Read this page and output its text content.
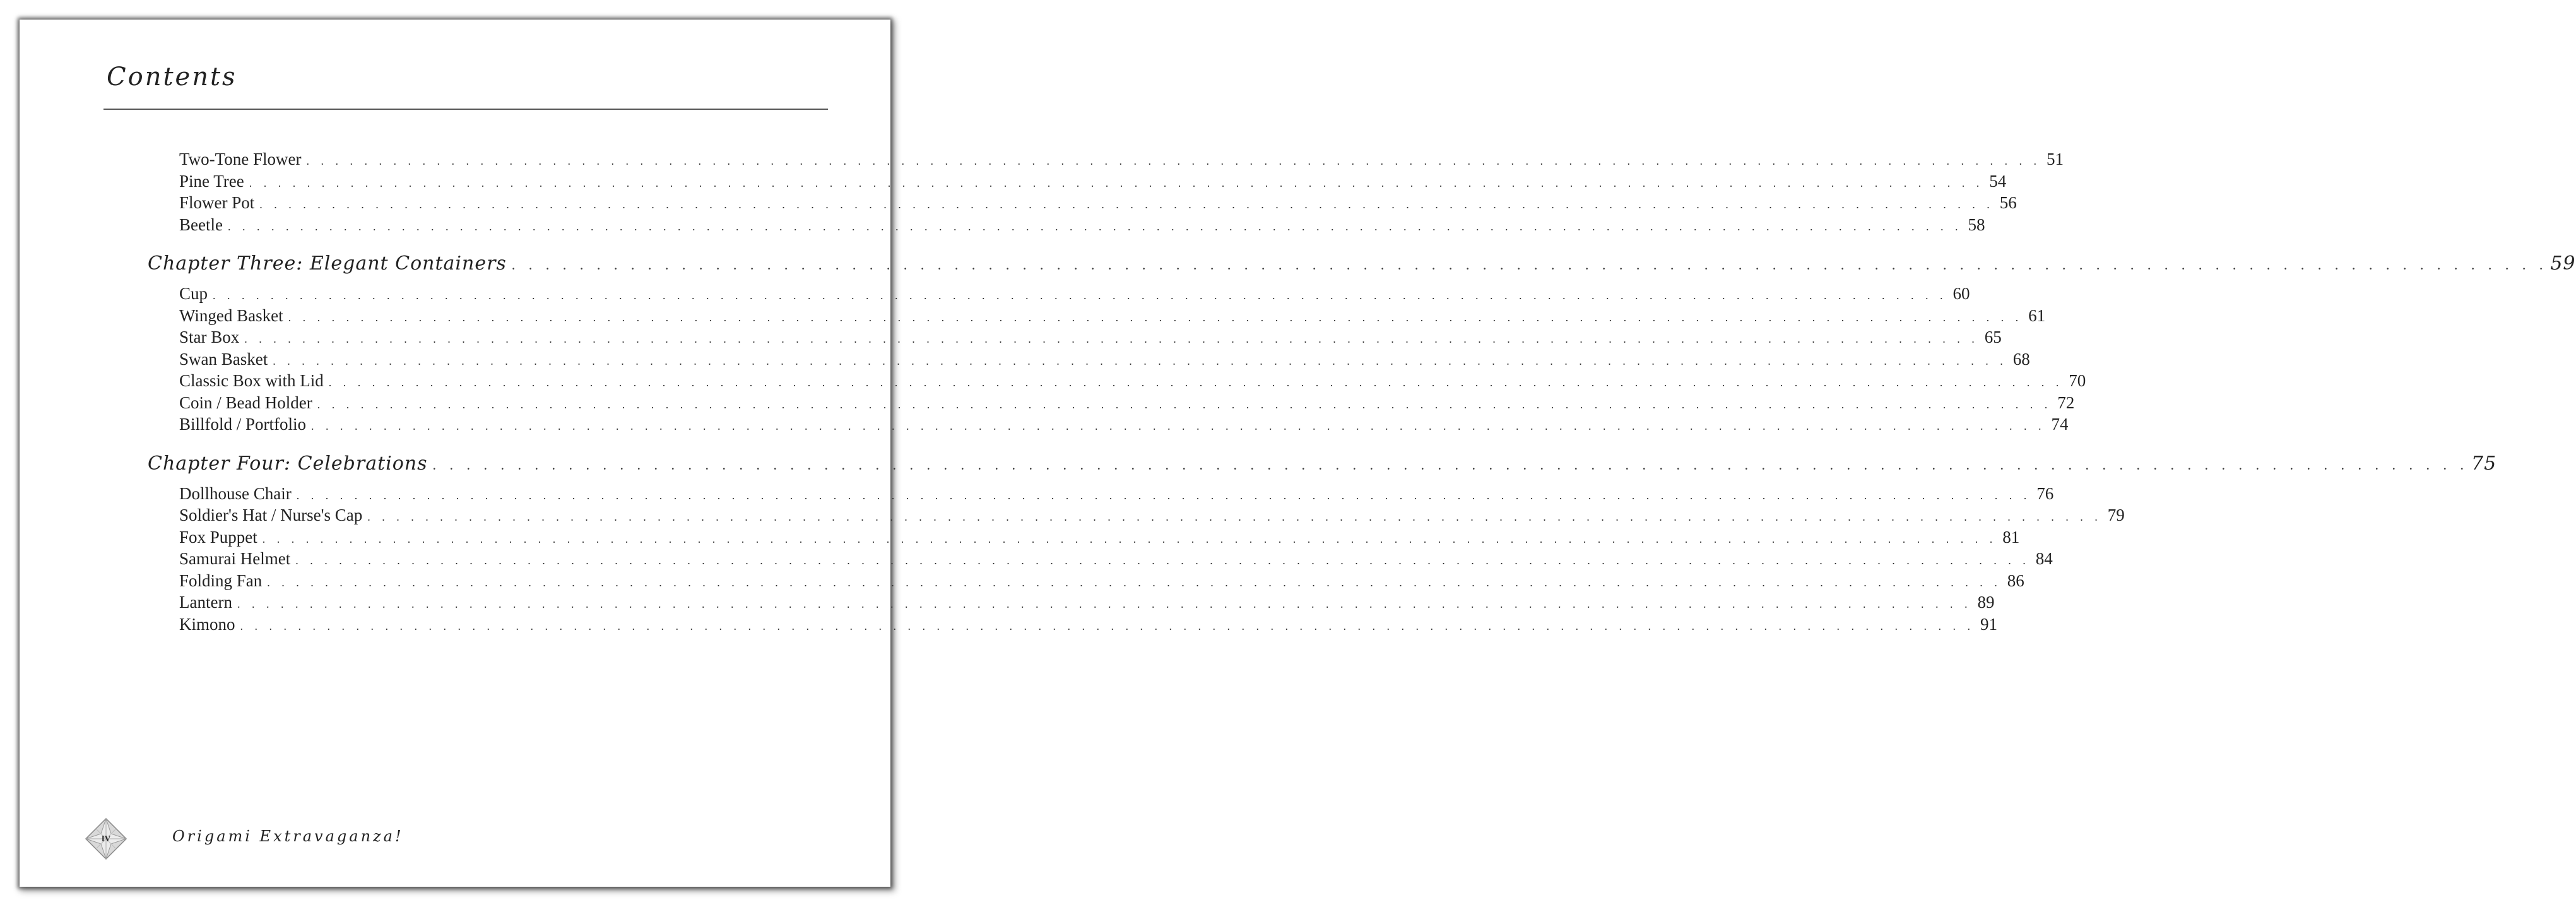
Contents
Two-Tone Flower . . . . . . . . . . . . . . . . . . . . . . . . . . . . . . . . . . . . . . . . . . . . . . . . . . . . . . . . . . . . . . . . . . . . . . . . . . . . . . . . . . . . . . . . . . . . . . . . . . . . . . . . . . . . . . . . . . . . . . . . 51
Pine Tree . . . . . . . . . . . . . . . . . . . . . . . . . . . . . . . . . . . . . . . . . . . . . . . . . . . . . . . . . . . . . . . . . . . . . . . . . . . . . . . . . . . . . . . . . . . . . . . . . . . . . . . . . . . . . . . . . . . . . . . . 54
Flower Pot . . . . . . . . . . . . . . . . . . . . . . . . . . . . . . . . . . . . . . . . . . . . . . . . . . . . . . . . . . . . . . . . . . . . . . . . . . . . . . . . . . . . . . . . . . . . . . . . . . . . . . . . . . . . . . . . . . . . . . . . 56
Beetle . . . . . . . . . . . . . . . . . . . . . . . . . . . . . . . . . . . . . . . . . . . . . . . . . . . . . . . . . . . . . . . . . . . . . . . . . . . . . . . . . . . . . . . . . . . . . . . . . . . . . . . . . . . . . . . . . . . . . . . . 58
Chapter Three: Elegant Containers . . . . . . . . . . . . . . . . . . . . . . . . . . . . . . . . . . . . . . . . . . . . . . . . . . . . . . . . . . . . . . . . . . . . . . . . . . . . . . . . . . . . . . . . . . . . . . . . . . . . . . . . . . . . . . . . . . . . . . . . 59
Cup . . . . . . . . . . . . . . . . . . . . . . . . . . . . . . . . . . . . . . . . . . . . . . . . . . . . . . . . . . . . . . . . . . . . . . . . . . . . . . . . . . . . . . . . . . . . . . . . . . . . . . . . . . . . . . . . . . . . . . . . 60
Winged Basket . . . . . . . . . . . . . . . . . . . . . . . . . . . . . . . . . . . . . . . . . . . . . . . . . . . . . . . . . . . . . . . . . . . . . . . . . . . . . . . . . . . . . . . . . . . . . . . . . . . . . . . . . . . . . . . . . . . . . . . . 61
Star Box . . . . . . . . . . . . . . . . . . . . . . . . . . . . . . . . . . . . . . . . . . . . . . . . . . . . . . . . . . . . . . . . . . . . . . . . . . . . . . . . . . . . . . . . . . . . . . . . . . . . . . . . . . . . . . . . . . . . . . . . 65
Swan Basket . . . . . . . . . . . . . . . . . . . . . . . . . . . . . . . . . . . . . . . . . . . . . . . . . . . . . . . . . . . . . . . . . . . . . . . . . . . . . . . . . . . . . . . . . . . . . . . . . . . . . . . . . . . . . . . . . . . . . . . . 68
Classic Box with Lid . . . . . . . . . . . . . . . . . . . . . . . . . . . . . . . . . . . . . . . . . . . . . . . . . . . . . . . . . . . . . . . . . . . . . . . . . . . . . . . . . . . . . . . . . . . . . . . . . . . . . . . . . . . . . . . . . . . . . . . . 70
Coin / Bead Holder . . . . . . . . . . . . . . . . . . . . . . . . . . . . . . . . . . . . . . . . . . . . . . . . . . . . . . . . . . . . . . . . . . . . . . . . . . . . . . . . . . . . . . . . . . . . . . . . . . . . . . . . . . . . . . . . . . . . . . . . 72
Billfold / Portfolio . . . . . . . . . . . . . . . . . . . . . . . . . . . . . . . . . . . . . . . . . . . . . . . . . . . . . . . . . . . . . . . . . . . . . . . . . . . . . . . . . . . . . . . . . . . . . . . . . . . . . . . . . . . . . . . . . . . . . . . . 74
Chapter Four: Celebrations . . . . . . . . . . . . . . . . . . . . . . . . . . . . . . . . . . . . . . . . . . . . . . . . . . . . . . . . . . . . . . . . . . . . . . . . . . . . . . . . . . . . . . . . . . . . . . . . . . . . . . . . . . . . . . . . . . . . . . . . 75
Dollhouse Chair . . . . . . . . . . . . . . . . . . . . . . . . . . . . . . . . . . . . . . . . . . . . . . . . . . . . . . . . . . . . . . . . . . . . . . . . . . . . . . . . . . . . . . . . . . . . . . . . . . . . . . . . . . . . . . . . . . . . . . . . 76
Soldier's Hat / Nurse's Cap . . . . . . . . . . . . . . . . . . . . . . . . . . . . . . . . . . . . . . . . . . . . . . . . . . . . . . . . . . . . . . . . . . . . . . . . . . . . . . . . . . . . . . . . . . . . . . . . . . . . . . . . . . . . . . . . . . . . . . . . 79
Fox Puppet . . . . . . . . . . . . . . . . . . . . . . . . . . . . . . . . . . . . . . . . . . . . . . . . . . . . . . . . . . . . . . . . . . . . . . . . . . . . . . . . . . . . . . . . . . . . . . . . . . . . . . . . . . . . . . . . . . . . . . . . 81
Samurai Helmet . . . . . . . . . . . . . . . . . . . . . . . . . . . . . . . . . . . . . . . . . . . . . . . . . . . . . . . . . . . . . . . . . . . . . . . . . . . . . . . . . . . . . . . . . . . . . . . . . . . . . . . . . . . . . . . . . . . . . . . . 84
Folding Fan . . . . . . . . . . . . . . . . . . . . . . . . . . . . . . . . . . . . . . . . . . . . . . . . . . . . . . . . . . . . . . . . . . . . . . . . . . . . . . . . . . . . . . . . . . . . . . . . . . . . . . . . . . . . . . . . . . . . . . . . 86
Lantern . . . . . . . . . . . . . . . . . . . . . . . . . . . . . . . . . . . . . . . . . . . . . . . . . . . . . . . . . . . . . . . . . . . . . . . . . . . . . . . . . . . . . . . . . . . . . . . . . . . . . . . . . . . . . . . . . . . . . . . . 89
Kimono . . . . . . . . . . . . . . . . . . . . . . . . . . . . . . . . . . . . . . . . . . . . . . . . . . . . . . . . . . . . . . . . . . . . . . . . . . . . . . . . . . . . . . . . . . . . . . . . . . . . . . . . . . . . . . . . . . . . . . . . 91
IV	Origami Extravaganza!
